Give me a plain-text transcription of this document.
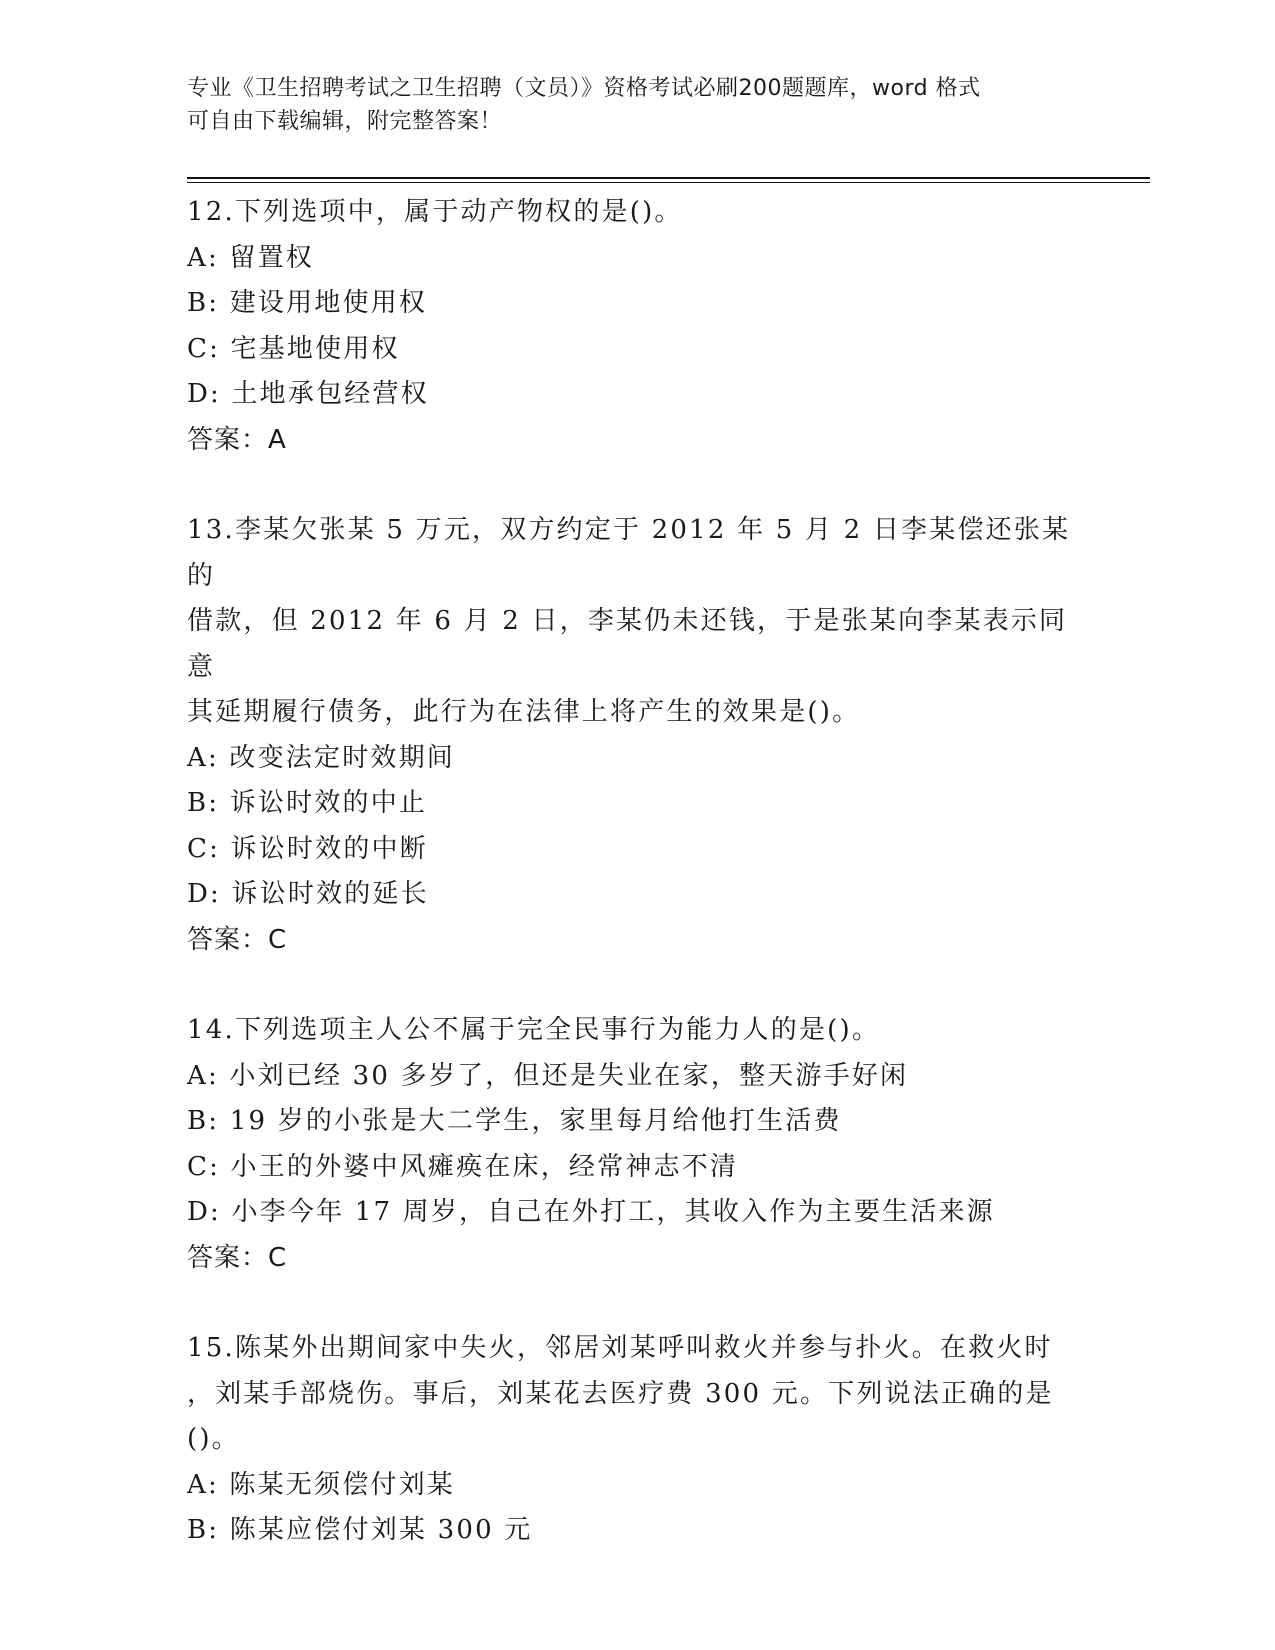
专业《卫生招聘考试之卫生招聘（文员）》资格考试必刷200题题库，word 格式
可自由下载编辑，附完整答案！
12.下列选项中，属于动产物权的是()。
A: 留置权
B: 建设用地使用权
C: 宅基地使用权
D: 土地承包经营权
答案：A
13.李某欠张某 5 万元，双方约定于 2012 年 5 月 2 日李某偿还张某的
借款，但 2012 年 6 月 2 日，李某仍未还钱，于是张某向李某表示同意
其延期履行债务，此行为在法律上将产生的效果是()。
A: 改变法定时效期间
B: 诉讼时效的中止
C: 诉讼时效的中断
D: 诉讼时效的延长
答案：C
14.下列选项主人公不属于完全民事行为能力人的是()。
A: 小刘已经 30 多岁了，但还是失业在家，整天游手好闲
B: 19 岁的小张是大二学生，家里每月给他打生活费
C: 小王的外婆中风瘫痪在床，经常神志不清
D: 小李今年 17 周岁，自己在外打工，其收入作为主要生活来源
答案：C
15.陈某外出期间家中失火，邻居刘某呼叫救火并参与扑火。在救火时
，刘某手部烧伤。事后，刘某花去医疗费 300 元。下列说法正确的是
()。
A: 陈某无须偿付刘某
B: 陈某应偿付刘某 300 元
